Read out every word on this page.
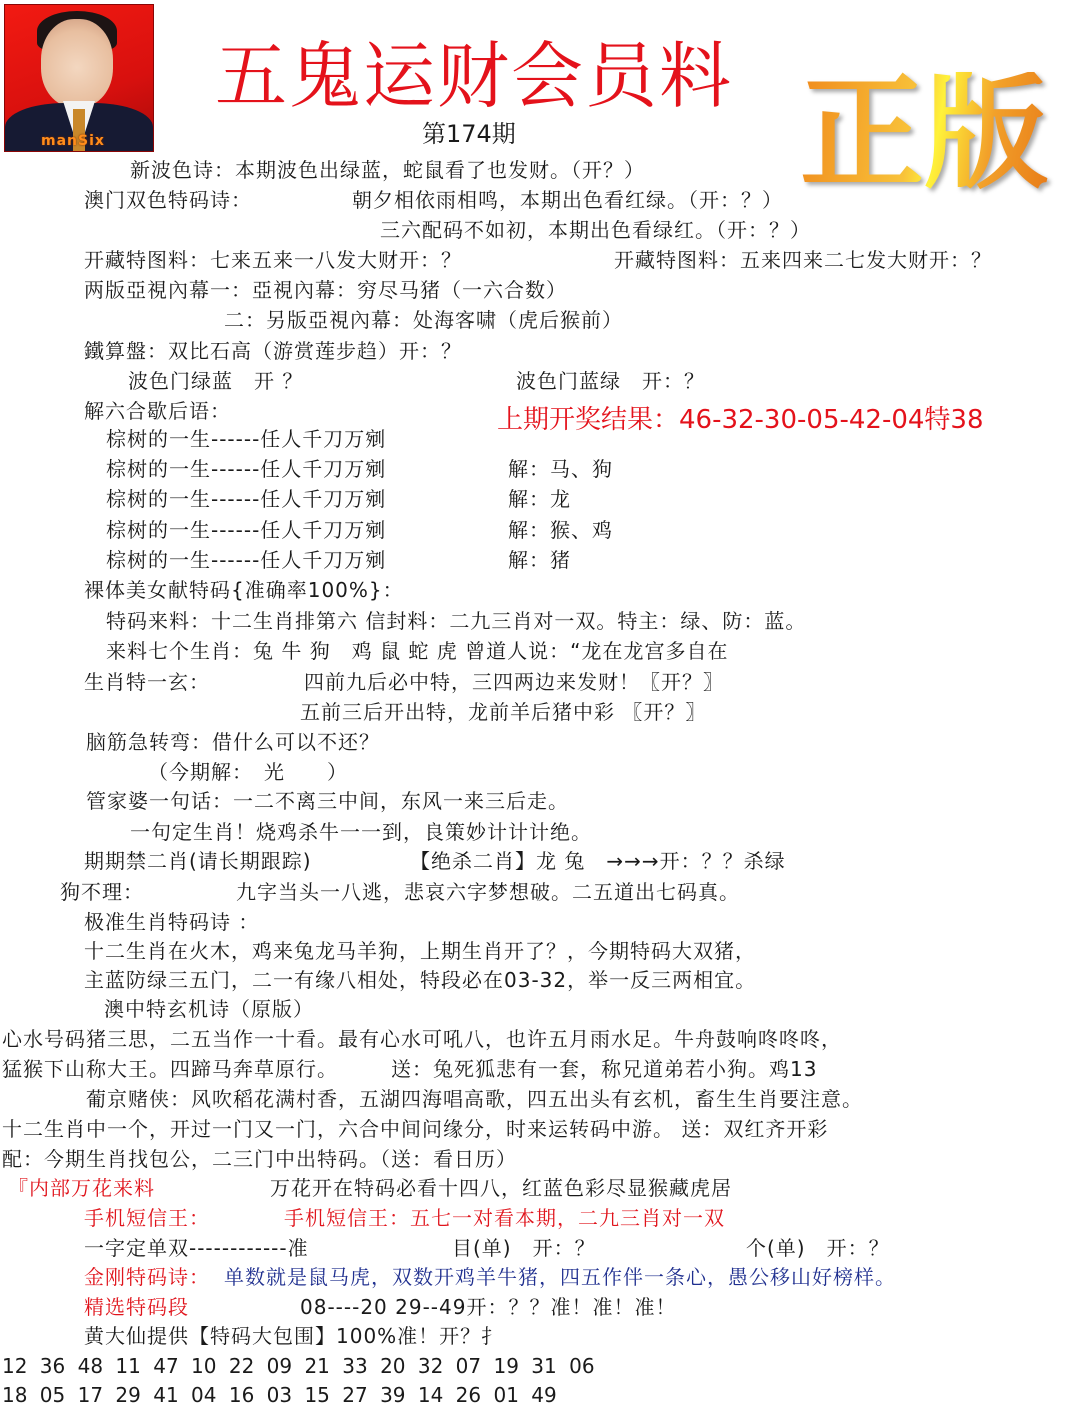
manSix
五鬼运财会员料
第174期 正版
新波色诗：本期波色出绿蓝，蛇鼠看了也发财。（开？）
澳门双色特码诗：	朝夕相依雨相鸣，本期出色看红绿。（开：？）
三六配码不如初，本期出色看绿红。（开：？）
开藏特图料：七来五来一八发大财开：？	开藏特图料：五来四来二七发大财开：？
两版亞視內幕一：亞視內幕：穷尽马猪（一六合数）
二：另版亞視內幕：处海客啸（虎后猴前）
鐵算盤：双比石高（游赏莲步趋）开：？
波色门绿蓝　开 ？	波色门蓝绿　开：？
解六合歇后语：	上期开奖结果：46-32-30-05-42-04特38
棕树的一生------任人千刀万剜
棕树的一生------任人千刀万剜	解：马、狗
棕树的一生------任人千刀万剜	解：龙
棕树的一生------任人千刀万剜	解：猴、鸡
棕树的一生------任人千刀万剜	解：猪
裸体美女献特码{准确率100%}：
特码来料：十二生肖排第六 信封料：二九三肖对一双。特主：绿、防：蓝。
来料七个生肖：兔 牛 狗　鸡 鼠 蛇 虎 曾道人说：“龙在龙宫多自在
生肖特一玄：	四前九后必中特，三四两边来发财！〖开？〗
五前三后开出特，龙前羊后猪中彩 〖开？〗
脑筋急转弯：借什么可以不还？
（今期解：　光　　）
管家婆一句话：一二不离三中间，东风一来三后走。
一句定生肖！烧鸡杀牛一一到，良策妙计计计绝。
期期禁二肖(请长期跟踪)	【绝杀二肖】龙 兔　→→→开：？？杀绿
狗不理：	九字当头一八逃，悲哀六字梦想破。二五道出七码真。
极准生肖特码诗 ：
十二生肖在火木，鸡来兔龙马羊狗，上期生肖开了？，今期特码大双猪，
主蓝防绿三五门，二一有缘八相处，特段必在03-32，举一反三两相宜。
澳中特玄机诗（原版）
心水号码猪三思，二五当作一十看。最有心水可吼八，也许五月雨水足。牛舟鼓响咚咚咚，
猛猴下山称大王。四蹄马奔草原行。　　　送：兔死狐悲有一套，称兄道弟若小狗。鸡13
葡京赌侠：风吹稻花满村香，五湖四海唱高歌，四五出头有玄机，畜生生肖要注意。
十二生肖中一个，开过一门又一门，六合中间问缘分，时来运转码中游。 送：双红齐开彩
配：今期生肖找包公，二三门中出特码。（送：看日历）
『内部万花来料	万花开在特码必看十四八，红蓝色彩尽显猴藏虎居
手机短信王：	手机短信王：五七一对看本期，二九三肖对一双
一字定单双------------准	目(单)　开：？	个(单)　开：？
金刚特码诗： 单数就是鼠马虎，双数开鸡羊牛猪，四五作伴一条心，愚公移山好榜样。
精选特码段	08----20 29--49开：？？准！准！准！
黄大仙提供【特码大包围】100%准！开？扌
12 36 48 11 47 10 22 09 21 33 20 32 07 19 31 06
18 05 17 29 41 04 16 03 15 27 39 14 26 01 49
